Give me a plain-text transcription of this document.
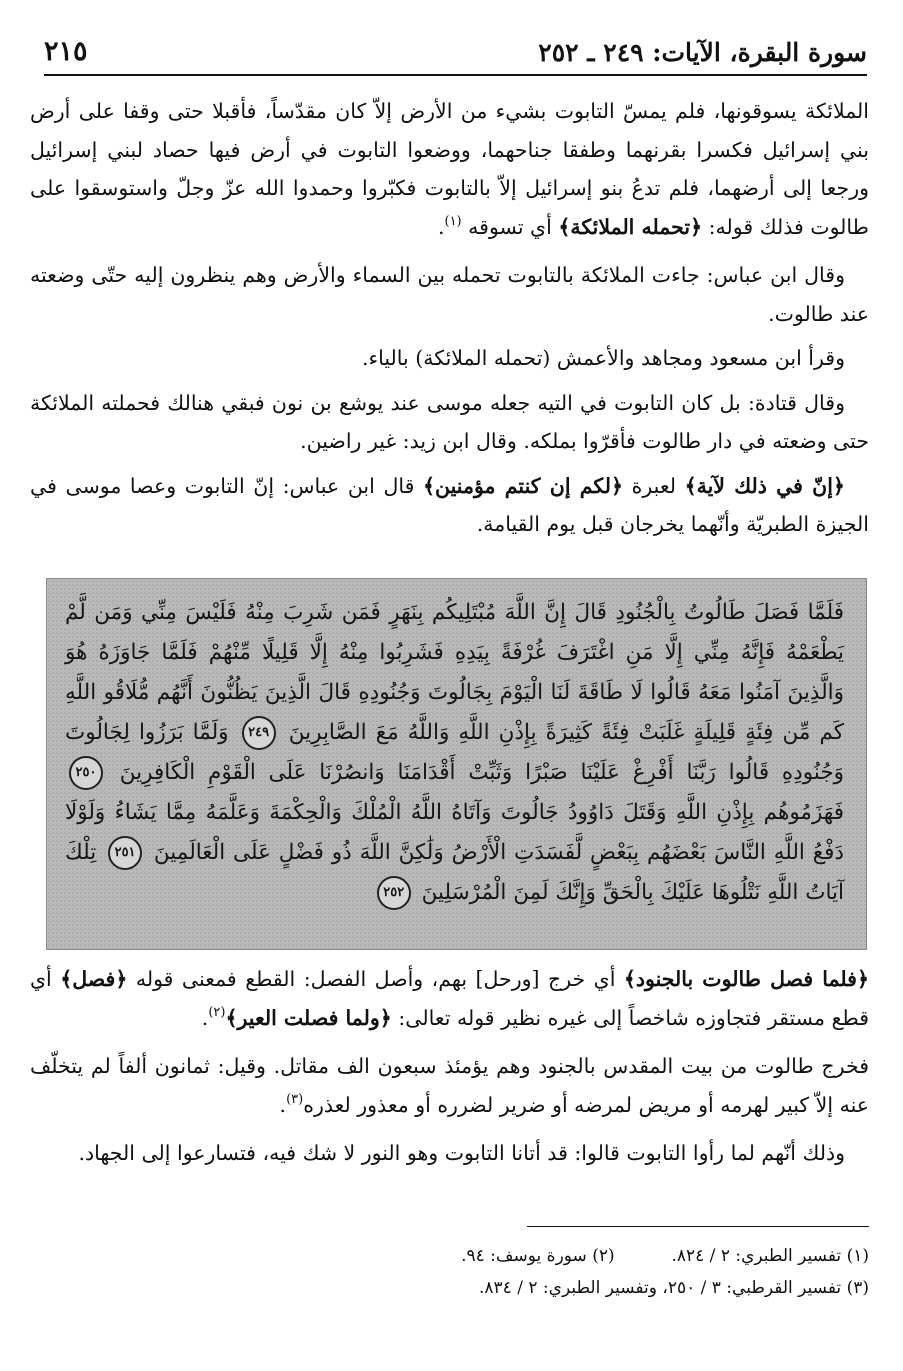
سورة البقرة، الآيات: ٢٤٩ ـ ٢٥٢
٢١٥

الملائكة يسوقونها، فلم يمسّ التابوت بشيء من الأرض إلاّ كان مقدّساً، فأقبلا حتى وقفا على أرض بني إسرائيل فكسرا بقرنهما وطفقا جناحهما، ووضعوا التابوت في أرض فيها حصاد لبني إسرائيل ورجعا إلى أرضهما، فلم تدعُ بنو إسرائيل إلاّ بالتابوت فكبّروا وحمدوا الله عزّ وجلّ واستوسقوا على طالوت فذلك قوله: ﴿تحمله الملائكة﴾ أي تسوقه $^{(١)}$.

وقال ابن عباس: جاءت الملائكة بالتابوت تحمله بين السماء والأرض وهم ينظرون إليه حتّى وضعته عند طالوت.

وقرأ ابن مسعود ومجاهد والأعمش (تحمله الملائكة) بالياء.

وقال قتادة: بل كان التابوت في التيه جعله موسى عند يوشع بن نون فبقي هنالك فحملته الملائكة حتى وضعته في دار طالوت فأقرّوا بملكه. وقال ابن زيد: غير راضين.

﴿إنّ في ذلك لآية﴾ لعبرة ﴿لكم إن كنتم مؤمنين﴾ قال ابن عباس: إنّ التابوت وعصا موسى في الجيزة الطبريّة وأنّهما يخرجان قبل يوم القيامة.

فَلَمَّا فَصَلَ طَالُوتُ بِالْجُنُودِ قَالَ إِنَّ اللَّهَ مُبْتَلِيكُم بِنَهَرٍ فَمَن شَرِبَ مِنْهُ فَلَيْسَ مِنِّي وَمَن لَّمْ يَطْعَمْهُ فَإِنَّهُ مِنِّي إِلَّا مَنِ اغْتَرَفَ غُرْفَةً بِيَدِهِ فَشَرِبُوا مِنْهُ إِلَّا قَلِيلًا مِّنْهُمْ فَلَمَّا جَاوَزَهُ هُوَ وَالَّذِينَ آمَنُوا مَعَهُ قَالُوا لَا طَاقَةَ لَنَا الْيَوْمَ بِجَالُوتَ وَجُنُودِهِ قَالَ الَّذِينَ يَظُنُّونَ أَنَّهُم مُّلَاقُو اللَّهِ كَم مِّن فِئَةٍ قَلِيلَةٍ غَلَبَتْ فِئَةً كَثِيرَةً بِإِذْنِ اللَّهِ وَاللَّهُ مَعَ الصَّابِرِينَ ٢٤٩ وَلَمَّا بَرَزُوا لِجَالُوتَ وَجُنُودِهِ قَالُوا رَبَّنَا أَفْرِغْ عَلَيْنَا صَبْرًا وَثَبِّتْ أَقْدَامَنَا وَانصُرْنَا عَلَى الْقَوْمِ الْكَافِرِينَ ٢٥٠ فَهَزَمُوهُم بِإِذْنِ اللَّهِ وَقَتَلَ دَاوُودُ جَالُوتَ وَآتَاهُ اللَّهُ الْمُلْكَ وَالْحِكْمَةَ وَعَلَّمَهُ مِمَّا يَشَاءُ وَلَوْلَا دَفْعُ اللَّهِ النَّاسَ بَعْضَهُم بِبَعْضٍ لَّفَسَدَتِ الْأَرْضُ وَلَٰكِنَّ اللَّهَ ذُو فَضْلٍ عَلَى الْعَالَمِينَ ٢٥١ تِلْكَ آيَاتُ اللَّهِ نَتْلُوهَا عَلَيْكَ بِالْحَقِّ وَإِنَّكَ لَمِنَ الْمُرْسَلِينَ ٢٥٢

﴿فلما فصل طالوت بالجنود﴾ أي خرج [ورحل] بهم، وأصل الفصل: القطع فمعنى قوله ﴿فصل﴾ أي قطع مستقر فتجاوزه شاخصاً إلى غيره نظير قوله تعالى: ﴿ولما فصلت العير﴾$^{(٢)}$.

فخرج طالوت من بيت المقدس بالجنود وهم يؤمئذ سبعون الف مقاتل. وقيل: ثمانون ألفاً لم يتخلّف عنه إلاّ كبير لهرمه أو مريض لمرضه أو ضرير لضرره أو معذور لعذره$^{(٣)}$.

وذلك أنّهم لما رأوا التابوت قالوا: قد أتانا التابوت وهو النور لا شك فيه، فتسارعوا إلى الجهاد.

(١) تفسير الطبري: ٢ / ٨٢٤.  (٢) سورة يوسف: ٩٤.
(٣) تفسير القرطبي: ٣ / ٢٥٠، وتفسير الطبري: ٢ / ٨٣٤.
